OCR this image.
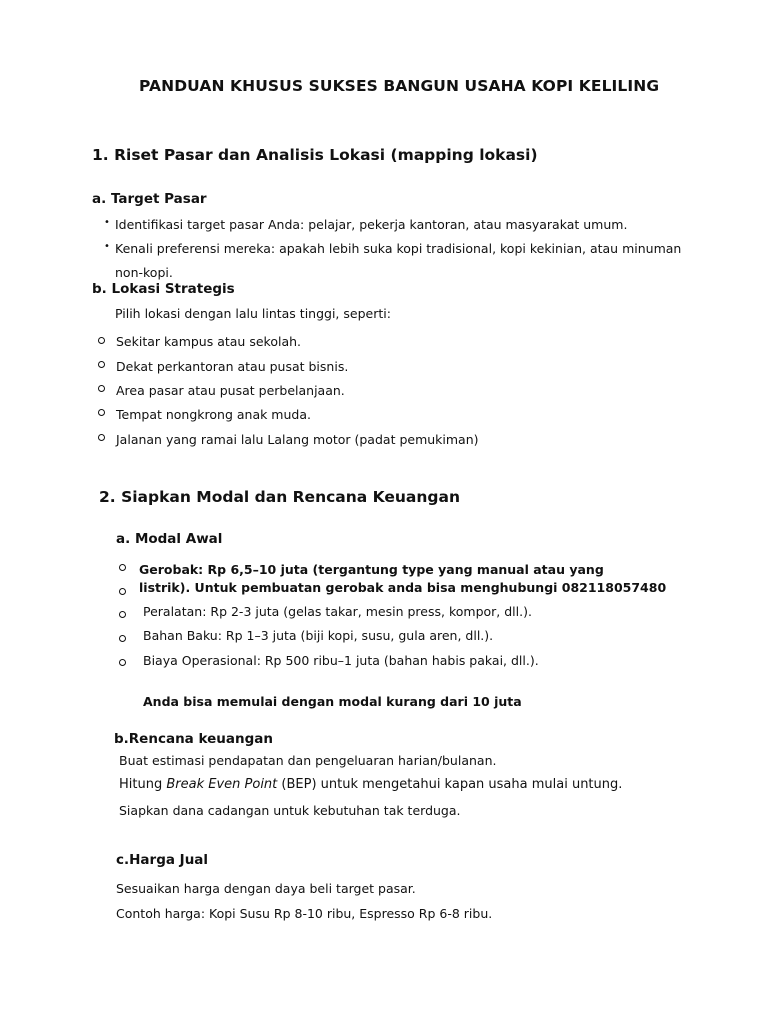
PANDUAN KHUSUS SUKSES BANGUN USAHA KOPI KELILING
1. Riset Pasar dan Analisis Lokasi (mapping lokasi)
a. Target Pasar
• Identifikasi target pasar Anda: pelajar, pekerja kantoran, atau masyarakat umum.
• Kenali preferensi mereka: apakah lebih suka kopi tradisional, kopi kekinian, atau minuman
non-kopi.
b. Lokasi Strategis
Pilih lokasi dengan lalu lintas tinggi, seperti:
Sekitar kampus atau sekolah.
Dekat perkantoran atau pusat bisnis.
Area pasar atau pusat perbelanjaan.
Tempat nongkrong anak muda.
Jalanan yang ramai lalu Lalang motor (padat pemukiman)
2. Siapkan Modal dan Rencana Keuangan
a. Modal Awal
Gerobak: Rp 6,5–10 juta (tergantung type yang manual atau yang
listrik). Untuk pembuatan gerobak anda bisa menghubungi 082118057480
Peralatan: Rp 2-3 juta (gelas takar, mesin press, kompor, dll.).
Bahan Baku: Rp 1–3 juta (biji kopi, susu, gula aren, dll.).
Biaya Operasional: Rp 500 ribu–1 juta (bahan habis pakai, dll.).
Anda bisa memulai dengan modal kurang dari 10 juta
b.Rencana keuangan
Buat estimasi pendapatan dan pengeluaran harian/bulanan.
Hitung Break Even Point (BEP) untuk mengetahui kapan usaha mulai untung.
Siapkan dana cadangan untuk kebutuhan tak terduga.
c.Harga Jual
Sesuaikan harga dengan daya beli target pasar.
Contoh harga: Kopi Susu Rp 8-10 ribu, Espresso Rp 6-8 ribu.
